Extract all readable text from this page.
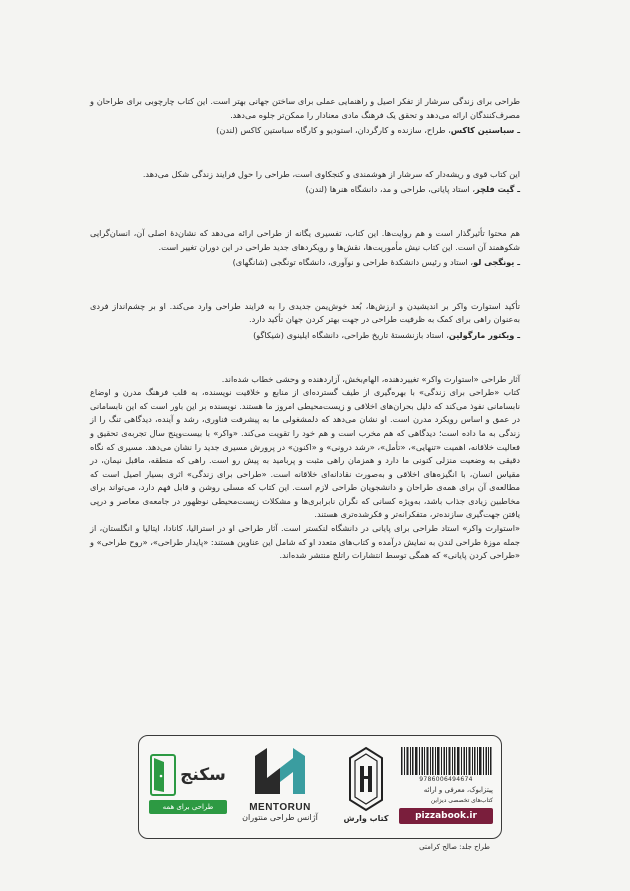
طراحی برای زندگی سرشار از تفکر اصیل و راهنمایی عملی برای ساختن جهانی بهتر است. این کتاب چارچوبی برای طراحان و مصرف‌کنندگان ارائه می‌دهد و تحقق یک فرهنگ مادی معنادار را ممکن‌تر جلوه می‌دهد.

ـ سباستین کاکس، طراح، سازنده و کارگردان، استودیو و کارگاه سباستین کاکس (لندن)

این کتاب قوی و ریشه‌دار که سرشار از هوشمندی و کنجکاوی است، طراحی را حول فرایند زندگی شکل می‌دهد.

ـ گیت فلچر، استاد پایانی، طراحی و مد، دانشگاه هنرها (لندن)

هم محتوا تأثیرگذار است و هم روایت‌ها. این کتاب، تفسیری یگانه از طراحی ارائه می‌دهد که نشان‌دهٔ اصلی آن، انسان‌گرایی شکوهمند آن است. این کتاب نیش مأموریت‌ها، نقش‌ها و رویکردهای جدید طراحی در این دوران تغییر است.

ـ یونگجی لو، استاد و رئیس دانشکدهٔ طراحی و نوآوری، دانشگاه تونگجی (شانگهای)

تأکید استوارت واکر بر اندیشیدن و ارزش‌ها، بُعد خوش‌یمن جدیدی را به فرایند طراحی وارد می‌کند. او بر چشم‌انداز فردی به‌عنوان راهی برای کمک به ظرفیت طراحی در جهت بهتر کردن جهان تأکید دارد.

ـ ویکتور مارگولین، استاد بازنشستهٔ تاریخ طراحی، دانشگاه ایلینوی (شیکاگو)

آثار طراحی «استوارت واکر» تغییردهنده، الهام‌بخش، آزاردهنده و وحشی خطاب شده‌اند.

کتاب «طراحی برای زندگی» با بهره‌گیری از طیف گسترده‌ای از منابع و خلاقیت نویسنده، به قلب فرهنگ مدرن و اوضاع نابسامانی نفوذ می‌کند که دلیل بحران‌های اخلاقی و زیست‌محیطی امروز ما هستند. نویسنده بر این باور است که این نابسامانی در عمق و اساس رویکرد مدرن است. او نشان می‌دهد که دلمشغولی ما به پیشرفت فناوری، رشد و آینده، دیدگاهی تنگ را از زندگی به ما داده است؛ دیدگاهی که هم مخرب است و هم خود را تقویت می‌کند. «واکر» با بیست‌وپنج سال تجربه‌ی تحقیق و فعالیت خلاقانه، اهمیت «تنهایی»، «تأمل»، «رشد درونی» و «اکنون» در پرورش مسیری جدید را نشان می‌دهد. مسیری که نگاه دقیقی به وضعیت منزلی کنونی ما دارد و همزمان راهی مثبت و پربامید به پیش رو است. راهی که منطقه، ماقبل نیمان، در مقیاس انسان، با انگیزه‌های اخلاقی و به‌صورت نقادانه‌ای خلاقانه است. «طراحی برای زندگی» اثری بسیار اصیل است که مطالعه‌ی آن برای همه‌ی طراحان و دانشجویان طراحی لازم است. این کتاب که مسلی روشن و قابل فهم دارد، می‌تواند برای مخاطبین زیادی جذاب باشد، به‌ویژه کسانی که نگران نابرابری‌ها و مشکلات زیست‌محیطی نوظهور در جامعه‌ی معاصر و درپی یافتن جهت‌گیری سازنده‌تر، متفکرانه‌تر و فکرشده‌تری هستند.

«استوارت واکر» استاد طراحی برای پایانی در دانشگاه لنکستر است. آثار طراحی او در استرالیا، کانادا، ایتالیا و انگلستان، از جمله موزهٔ طراحی لندن به نمایش درآمده و کتاب‌های متعدد او که شامل این عناوین هستند: «پایدار طراحی»، «روح طراحی» و «طراحی کردن پایانی» که همگی توسط انتشارات راتلج منتشر شده‌اند.

9786006494674
پیتزابوک، معرفی و ارائه
کتاب‌های تخصصی دیزاین
pizzabook.ir
کتاب وارش
MENTORUN
آژانس طراحی منتوران
سکنج
طراحی برای همه
طراح جلد: صالح کرامتی
